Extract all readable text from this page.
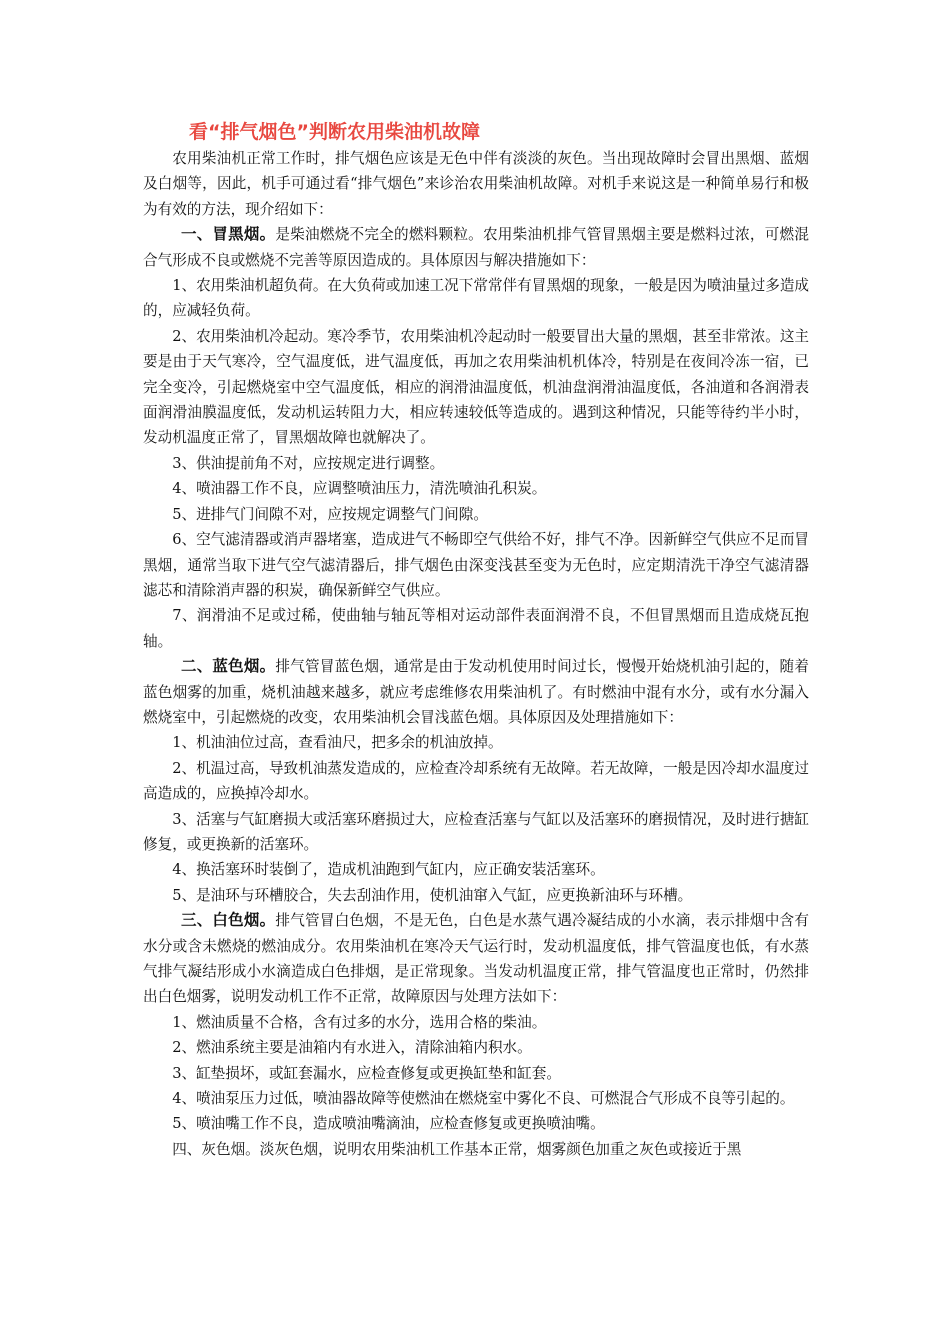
看“排气烟色”判断农用柴油机故障

农用柴油机正常工作时，排气烟色应该是无色中伴有淡淡的灰色。当出现故障时会冒出黑烟、蓝烟及白烟等，因此，机手可通过看“排气烟色”来诊治农用柴油机故障。对机手来说这是一种简单易行和极为有效的方法，现介绍如下：

一、冒黑烟。是柴油燃烧不完全的燃料颗粒。农用柴油机排气管冒黑烟主要是燃料过浓，可燃混合气形成不良或燃烧不完善等原因造成的。具体原因与解决措施如下：

1、农用柴油机超负荷。在大负荷或加速工况下常常伴有冒黑烟的现象，一般是因为喷油量过多造成的，应减轻负荷。

2、农用柴油机冷起动。寒冷季节，农用柴油机冷起动时一般要冒出大量的黑烟，甚至非常浓。这主要是由于天气寒冷，空气温度低，进气温度低，再加之农用柴油机机体冷，特别是在夜间冷冻一宿，已完全变冷，引起燃烧室中空气温度低，相应的润滑油温度低，机油盘润滑油温度低，各油道和各润滑表面润滑油膜温度低，发动机运转阻力大，相应转速较低等造成的。遇到这种情况，只能等待约半小时，发动机温度正常了，冒黑烟故障也就解决了。

3、供油提前角不对，应按规定进行调整。

4、喷油器工作不良，应调整喷油压力，清洗喷油孔积炭。

5、进排气门间隙不对，应按规定调整气门间隙。

6、空气滤清器或消声器堵塞，造成进气不畅即空气供给不好，排气不净。因新鲜空气供应不足而冒黑烟，通常当取下进气空气滤清器后，排气烟色由深变浅甚至变为无色时，应定期清洗干净空气滤清器滤芯和清除消声器的积炭，确保新鲜空气供应。

7、润滑油不足或过稀，使曲轴与轴瓦等相对运动部件表面润滑不良，不但冒黑烟而且造成烧瓦抱轴。

二、蓝色烟。排气管冒蓝色烟，通常是由于发动机使用时间过长，慢慢开始烧机油引起的，随着蓝色烟雾的加重，烧机油越来越多，就应考虑维修农用柴油机了。有时燃油中混有水分，或有水分漏入燃烧室中，引起燃烧的改变，农用柴油机会冒浅蓝色烟。具体原因及处理措施如下：

1、机油油位过高，查看油尺，把多余的机油放掉。

2、机温过高，导致机油蒸发造成的，应检查冷却系统有无故障。若无故障，一般是因冷却水温度过高造成的，应换掉冷却水。

3、活塞与气缸磨损大或活塞环磨损过大，应检查活塞与气缸以及活塞环的磨损情况，及时进行搪缸修复，或更换新的活塞环。

4、换活塞环时装倒了，造成机油跑到气缸内，应正确安装活塞环。

5、是油环与环槽胶合，失去刮油作用，使机油窜入气缸，应更换新油环与环槽。

三、白色烟。排气管冒白色烟，不是无色，白色是水蒸气遇冷凝结成的小水滴，表示排烟中含有水分或含未燃烧的燃油成分。农用柴油机在寒冷天气运行时，发动机温度低，排气管温度也低，有水蒸气排气凝结形成小水滴造成白色排烟，是正常现象。当发动机温度正常，排气管温度也正常时，仍然排出白色烟雾，说明发动机工作不正常，故障原因与处理方法如下：

1、燃油质量不合格，含有过多的水分，选用合格的柴油。

2、燃油系统主要是油箱内有水进入，清除油箱内积水。

3、缸垫损坏，或缸套漏水，应检查修复或更换缸垫和缸套。

4、喷油泵压力过低，喷油器故障等使燃油在燃烧室中雾化不良、可燃混合气形成不良等引起的。

5、喷油嘴工作不良，造成喷油嘴滴油，应检查修复或更换喷油嘴。

四、灰色烟。淡灰色烟，说明农用柴油机工作基本正常，烟雾颜色加重之灰色或接近于黑
